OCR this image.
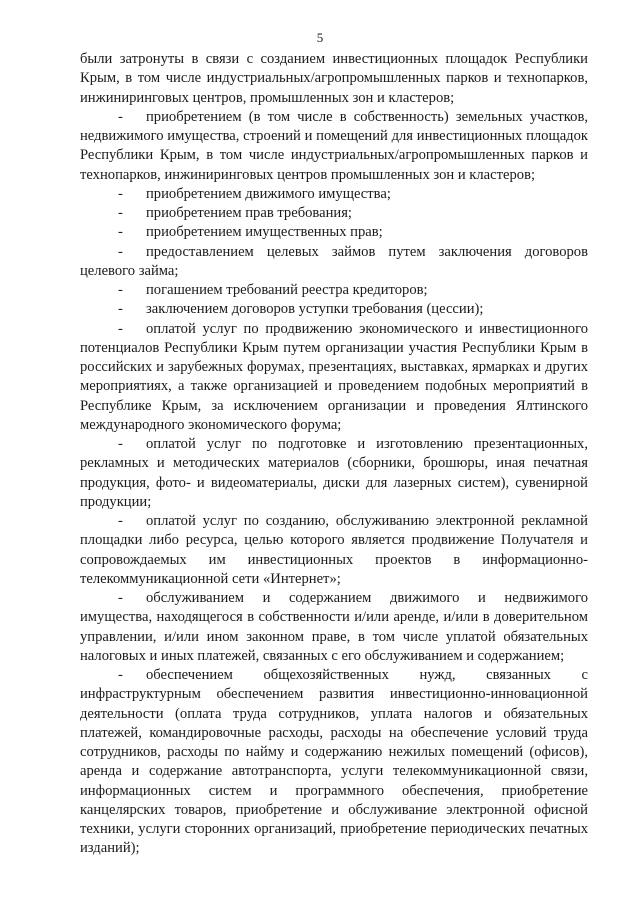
5

были затронуты в связи с созданием инвестиционных площадок Республики Крым, в том числе индустриальных/агропромышленных парков и технопарков, инжиниринговых центров, промышленных зон и кластеров;

- приобретением (в том числе в собственность) земельных участков, недвижимого имущества, строений и помещений для инвестиционных площадок Республики Крым, в том числе индустриальных/агропромышленных парков и технопарков, инжиниринговых центров промышленных зон и кластеров;

- приобретением движимого имущества;

- приобретением прав требования;

- приобретением имущественных прав;

- предоставлением целевых займов путем заключения договоров целевого займа;

- погашением требований реестра кредиторов;

- заключением договоров уступки требования (цессии);

- оплатой услуг по продвижению экономического и инвестиционного потенциалов Республики Крым путем организации участия Республики Крым в российских и зарубежных форумах, презентациях, выставках, ярмарках и других мероприятиях, а также организацией и проведением подобных мероприятий в Республике Крым, за исключением организации и проведения Ялтинского международного экономического форума;

- оплатой услуг по подготовке и изготовлению презентационных, рекламных и методических материалов (сборники, брошюры, иная печатная продукция, фото- и видеоматериалы, диски для лазерных систем), сувенирной продукции;

- оплатой услуг по созданию, обслуживанию электронной рекламной площадки либо ресурса, целью которого является продвижение Получателя и сопровождаемых им инвестиционных проектов в информационно-телекоммуникационной сети «Интернет»;

- обслуживанием и содержанием движимого и недвижимого имущества, находящегося в собственности и/или аренде, и/или в доверительном управлении, и/или ином законном праве, в том числе уплатой обязательных налоговых и иных платежей, связанных с его обслуживанием и содержанием;

- обеспечением общехозяйственных нужд, связанных с инфраструктурным обеспечением развития инвестиционно-инновационной деятельности (оплата труда сотрудников, уплата налогов и обязательных платежей, командировочные расходы, расходы на обеспечение условий труда сотрудников, расходы по найму и содержанию нежилых помещений (офисов), аренда и содержание автотранспорта, услуги телекоммуникационной связи, информационных систем и программного обеспечения, приобретение канцелярских товаров, приобретение и обслуживание электронной офисной техники, услуги сторонних организаций, приобретение периодических печатных изданий);
